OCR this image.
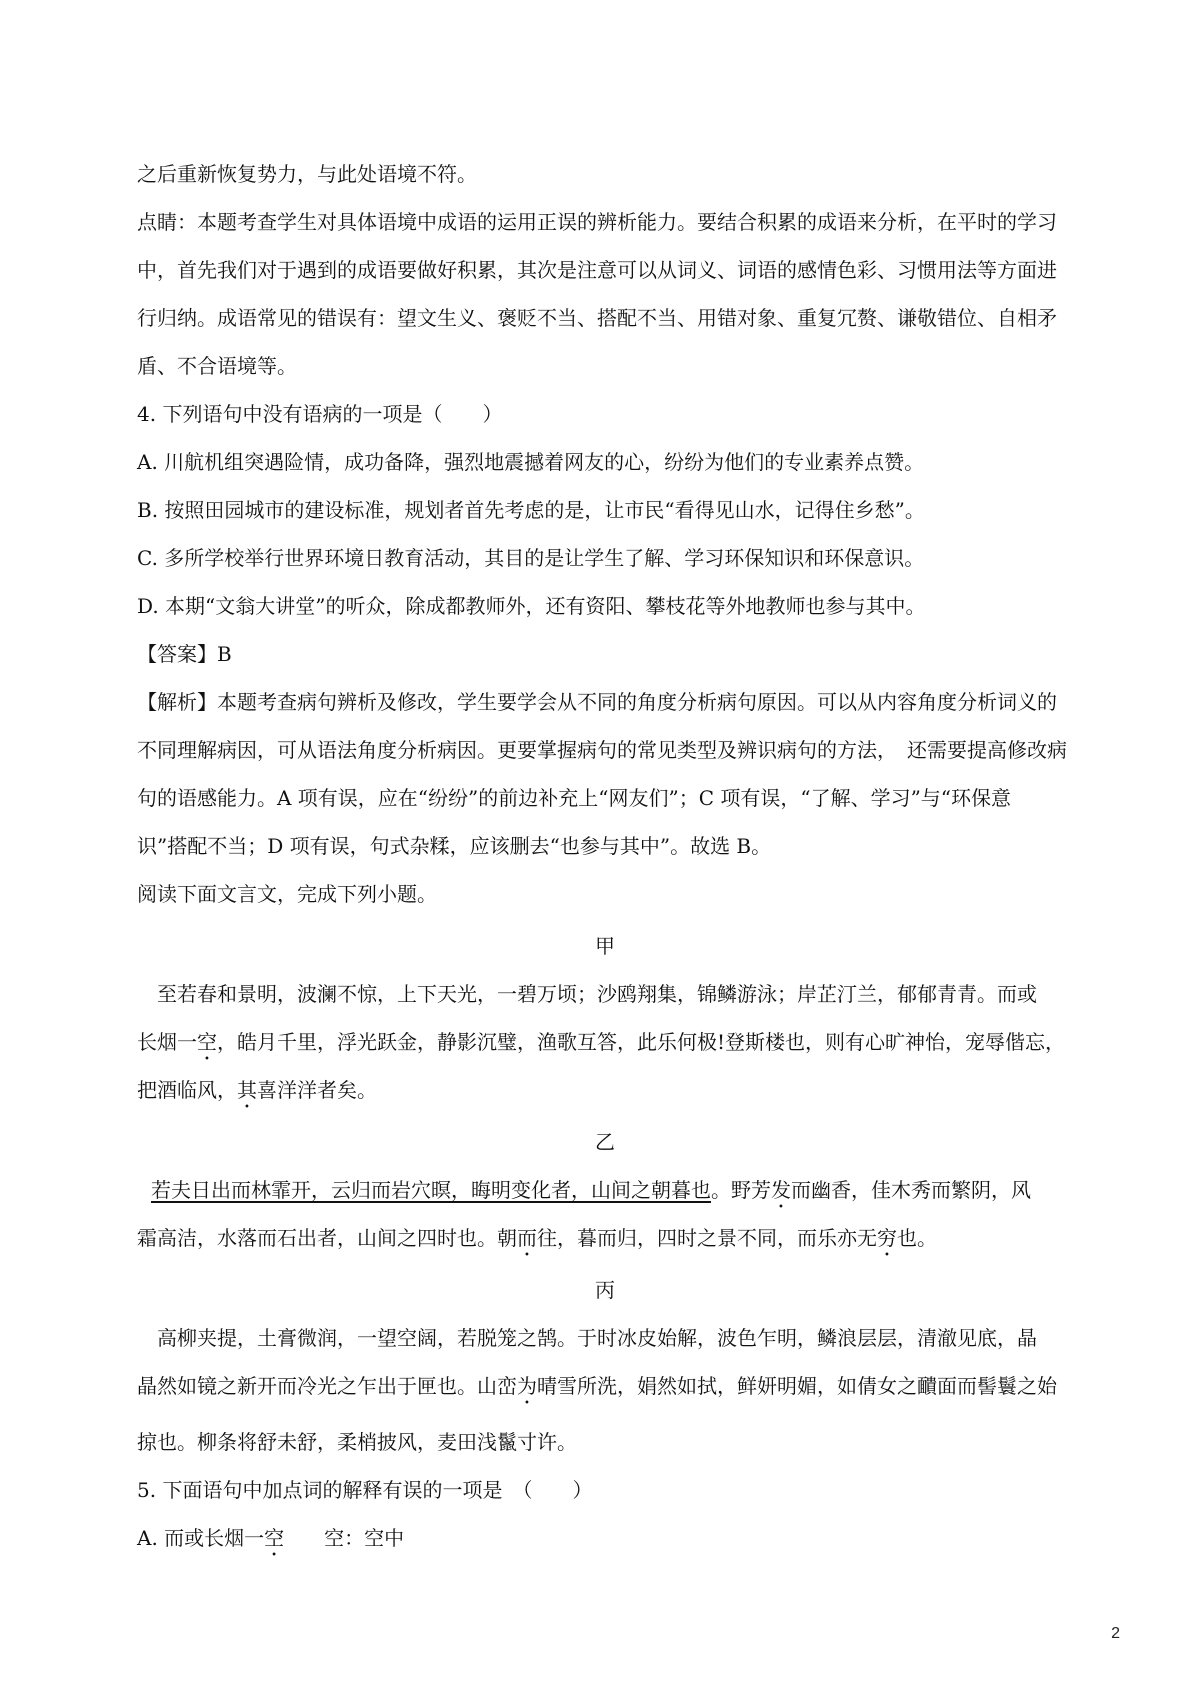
之后重新恢复势力，与此处语境不符。

点睛：本题考查学生对具体语境中成语的运用正误的辨析能力。要结合积累的成语来分析，在平时的学习

中，首先我们对于遇到的成语要做好积累，其次是注意可以从词义、词语的感情色彩、习惯用法等方面进

行归纳。成语常见的错误有：望文生义、褒贬不当、搭配不当、用错对象、重复冗赘、谦敬错位、自相矛

盾、不合语境等。

4. 下列语句中没有语病的一项是（　　）

A. 川航机组突遇险情，成功备降，强烈地震撼着网友的心，纷纷为他们的专业素养点赞。

B. 按照田园城市的建设标准，规划者首先考虑的是，让市民“看得见山水，记得住乡愁”。

C. 多所学校举行世界环境日教育活动，其目的是让学生了解、学习环保知识和环保意识。

D. 本期“文翁大讲堂”的听众，除成都教师外，还有资阳、攀枝花等外地教师也参与其中。

【答案】B

【解析】本题考查病句辨析及修改，学生要学会从不同的角度分析病句原因。可以从内容角度分析词义的

不同理解病因，可从语法角度分析病因。更要掌握病句的常见类型及辨识病句的方法，　还需要提高修改病

句的语感能力。A 项有误，应在“纷纷”的前边补充上“网友们”；C 项有误，“了解、学习”与“环保意

识”搭配不当；D 项有误，句式杂糅，应该删去“也参与其中”。故选 B。

阅读下面文言文，完成下列小题。

甲

至若春和景明，波澜不惊，上下天光，一碧万顷；沙鸥翔集，锦鳞游泳；岸芷汀兰，郁郁青青。而或

长烟一空，皓月千里，浮光跃金，静影沉璧，渔歌互答，此乐何极!登斯楼也，则有心旷神怡，宠辱偕忘，

把酒临风，其喜洋洋者矣。

乙

若夫日出而林霏开，云归而岩穴暝，晦明变化者，山间之朝暮也。野芳发而幽香，佳木秀而繁阴，风

霜高洁，水落而石出者，山间之四时也。朝而往，暮而归，四时之景不同，而乐亦无穷也。

丙

高柳夹提，土膏微润，一望空阔，若脱笼之鹄。于时冰皮始解，波色乍明，鳞浪层层，清澈见底，晶

晶然如镜之新开而冷光之乍出于匣也。山峦为晴雪所洗，娟然如拭，鲜妍明媚，如倩女之靧面而髻鬟之始

掠也。柳条将舒未舒，柔梢披风，麦田浅鬣寸许。

5. 下面语句中加点词的解释有误的一项是　（　　）

A. 而或长烟一空　　空：空中

2
